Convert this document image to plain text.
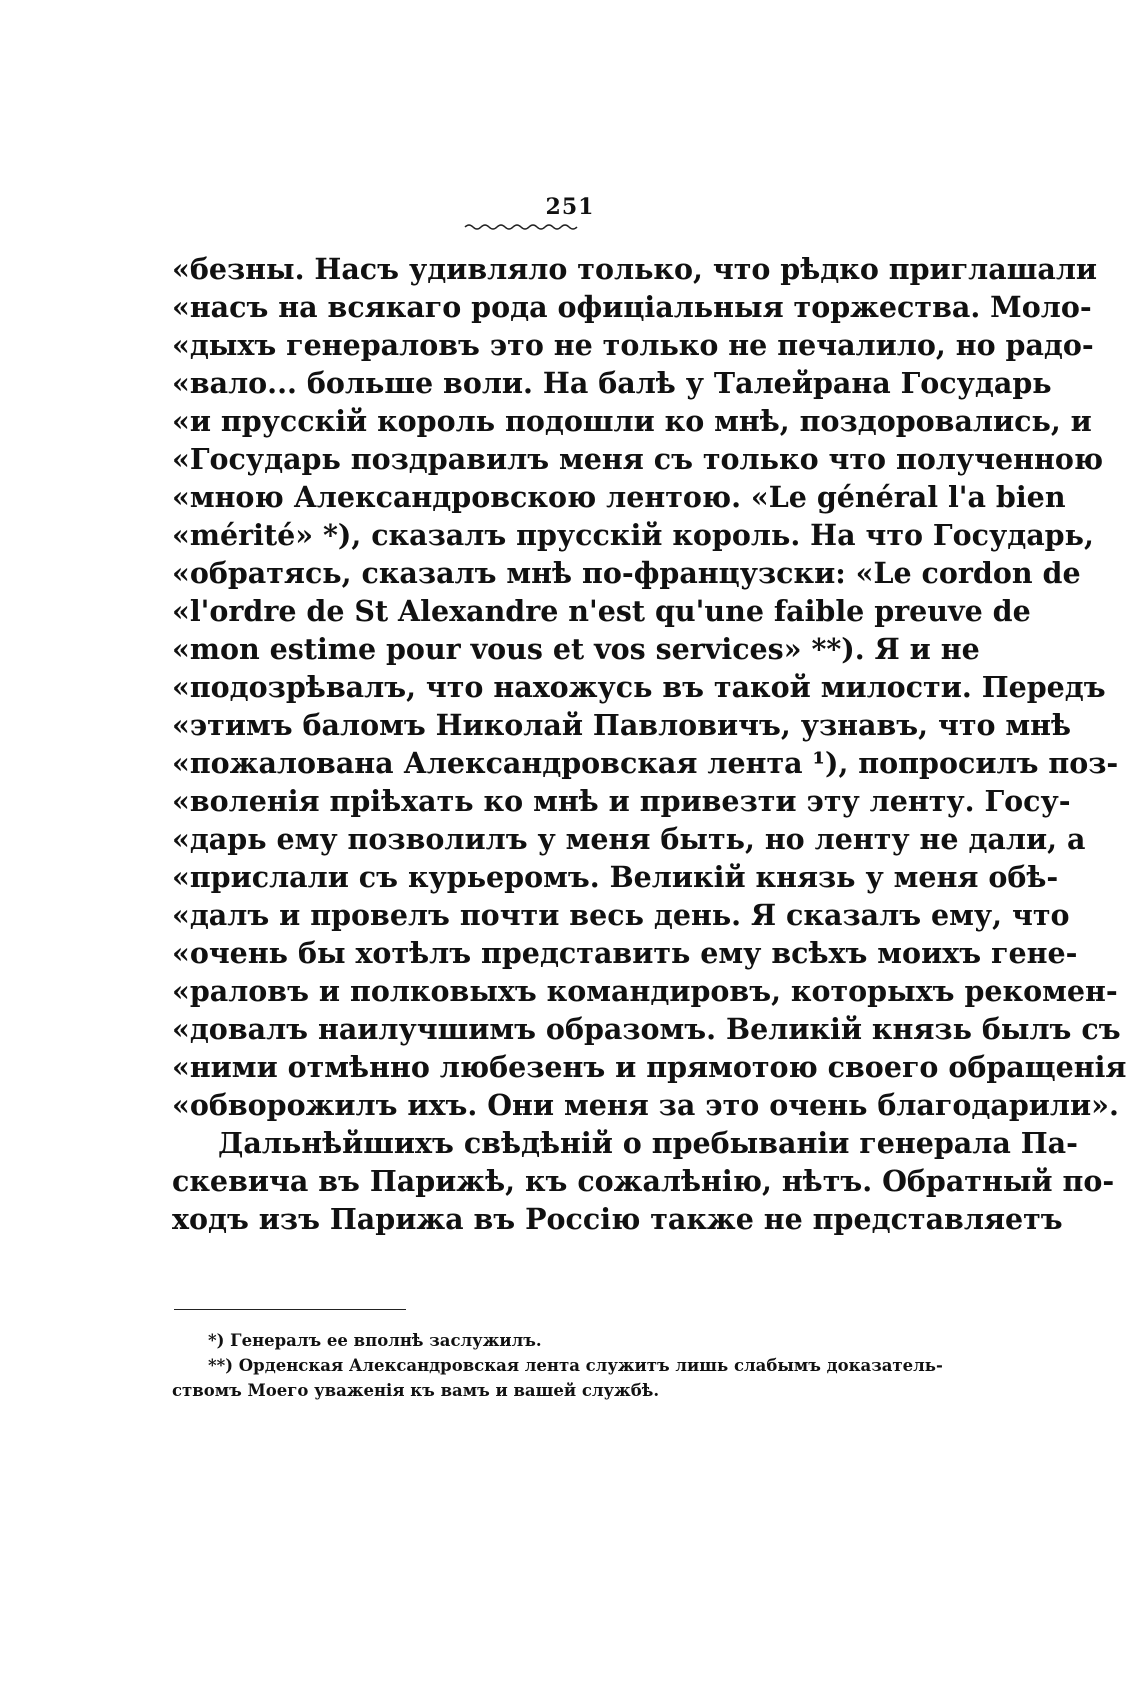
251
«безны. Насъ удивляло только, что рѣдко приглашали
«насъ на всякаго рода офиціальныя торжества. Моло-
«дыхъ генераловъ это не только не печалило, но радо-
«вало... больше воли. На балѣ у Талейрана Государь
«и прусскій король подошли ко мнѣ, поздоровались, и
«Государь поздравилъ меня съ только что полученною
«мною Александровскою лентою. «Le général l'a bien
«mérité» *), сказалъ прусскій король. На что Государь,
«обратясь, сказалъ мнѣ по-французски: «Le cordon de
«l'ordre de St Alexandre n'est qu'une faible preuve de
«mon estime pour vous et vos services» **). Я и не
«подозрѣвалъ, что нахожусь въ такой милости. Передъ
«этимъ баломъ Николай Павловичъ, узнавъ, что мнѣ
«пожалована Александровская лента ¹), попросилъ поз-
«воленія пріѣхать ко мнѣ и привезти эту ленту. Госу-
«дарь ему позволилъ у меня быть, но ленту не дали, а
«прислали съ курьеромъ. Великій князь у меня обѣ-
«далъ и провелъ почти весь день. Я сказалъ ему, что
«очень бы хотѣлъ представить ему всѣхъ моихъ гене-
«раловъ и полковыхъ командировъ, которыхъ рекомен-
«довалъ наилучшимъ образомъ. Великій князь былъ съ
«ними отмѣнно любезенъ и прямотою своего обращенія
«обворожилъ ихъ. Они меня за это очень благодарили».
Дальнѣйшихъ свѣдѣній о пребываніи генерала Па-
скевича въ Парижѣ, къ сожалѣнію, нѣтъ. Обратный по-
ходъ изъ Парижа въ Россію также не представляетъ
*) Генералъ ее вполнѣ заслужилъ.
**) Орденская Александровская лента служитъ лишь слабымъ доказатель-
ствомъ Моего уваженія къ вамъ и вашей службѣ.
